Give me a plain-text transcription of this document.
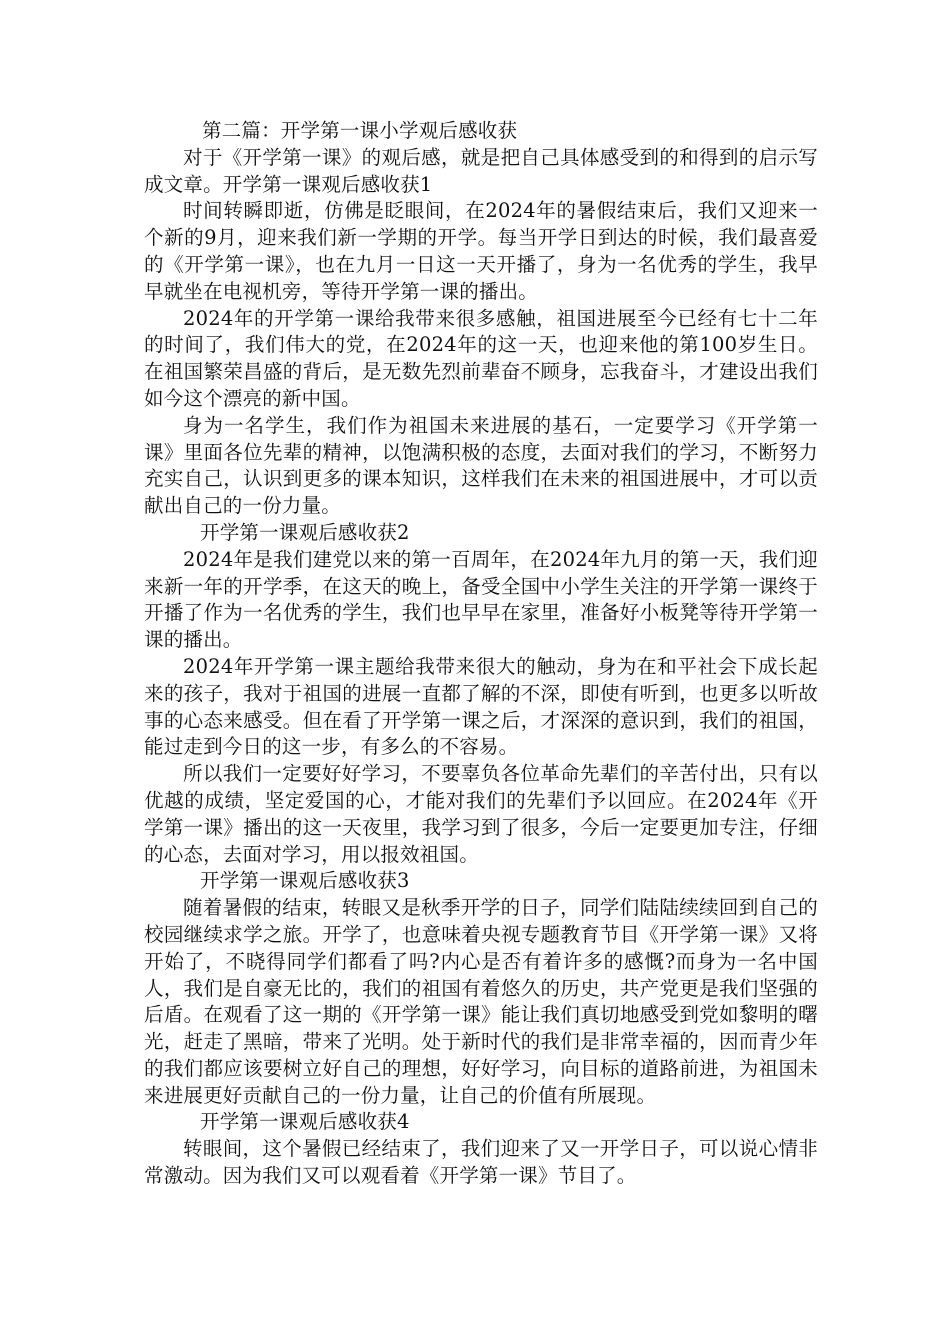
第二篇：开学第一课小学观后感收获

对于《开学第一课》的观后感，就是把自己具体感受到的和得到的启示写成文章。开学第一课观后感收获1

时间转瞬即逝，仿佛是眨眼间，在2024年的暑假结束后，我们又迎来一个新的9月，迎来我们新一学期的开学。每当开学日到达的时候，我们最喜爱的《开学第一课》，也在九月一日这一天开播了，身为一名优秀的学生，我早早就坐在电视机旁，等待开学第一课的播出。

2024年的开学第一课给我带来很多感触，祖国进展至今已经有七十二年的时间了，我们伟大的党，在2024年的这一天，也迎来他的第100岁生日。在祖国繁荣昌盛的背后，是无数先烈前辈奋不顾身，忘我奋斗，才建设出我们如今这个漂亮的新中国。

身为一名学生，我们作为祖国未来进展的基石，一定要学习《开学第一课》里面各位先辈的精神，以饱满积极的态度，去面对我们的学习，不断努力充实自己，认识到更多的课本知识，这样我们在未来的祖国进展中，才可以贡献出自己的一份力量。

开学第一课观后感收获2

2024年是我们建党以来的第一百周年，在2024年九月的第一天，我们迎来新一年的开学季，在这天的晚上，备受全国中小学生关注的开学第一课终于开播了作为一名优秀的学生，我们也早早在家里，准备好小板凳等待开学第一课的播出。

2024年开学第一课主题给我带来很大的触动，身为在和平社会下成长起来的孩子，我对于祖国的进展一直都了解的不深，即使有听到，也更多以听故事的心态来感受。但在看了开学第一课之后，才深深的意识到，我们的祖国，能过走到今日的这一步，有多么的不容易。

所以我们一定要好好学习，不要辜负各位革命先辈们的辛苦付出，只有以优越的成绩，坚定爱国的心，才能对我们的先辈们予以回应。在2024年《开学第一课》播出的这一天夜里，我学习到了很多，今后一定要更加专注，仔细的心态，去面对学习，用以报效祖国。

开学第一课观后感收获3

随着暑假的结束，转眼又是秋季开学的日子，同学们陆陆续续回到自己的校园继续求学之旅。开学了，也意味着央视专题教育节目《开学第一课》又将开始了，不晓得同学们都看了吗?内心是否有着许多的感慨?而身为一名中国人，我们是自豪无比的，我们的祖国有着悠久的历史，共产党更是我们坚强的后盾。在观看了这一期的《开学第一课》能让我们真切地感受到党如黎明的曙光，赶走了黑暗，带来了光明。处于新时代的我们是非常幸福的，因而青少年的我们都应该要树立好自己的理想，好好学习，向目标的道路前进，为祖国未来进展更好贡献自己的一份力量，让自己的价值有所展现。

开学第一课观后感收获4

转眼间，这个暑假已经结束了，我们迎来了又一开学日子，可以说心情非常激动。因为我们又可以观看着《开学第一课》节目了。
